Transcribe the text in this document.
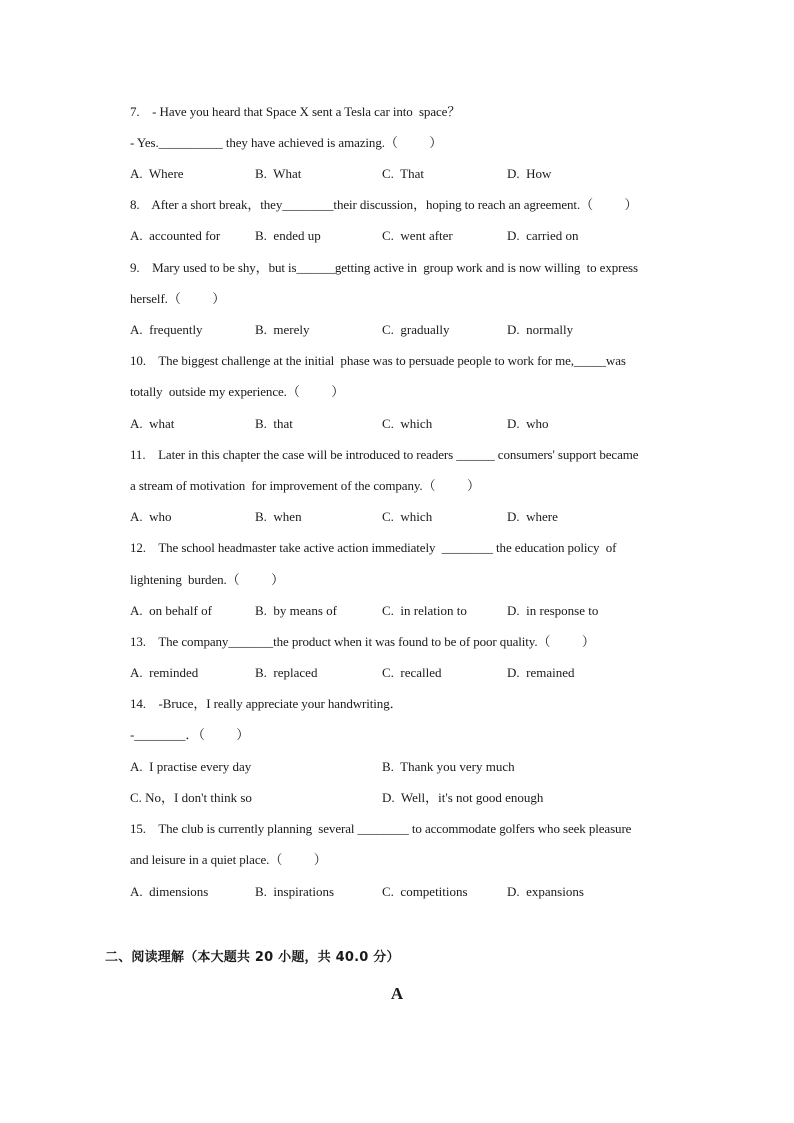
7.    - Have you heard that Space X sent a Tesla car into  space？
- Yes.__________ they have achieved is amazing.（          ）
A.  Where	B.  What	C.  That	D.  How
8.    After a short break，they________their discussion，hoping to reach an agreement.（          ）
A.  accounted for	B.  ended up	C.  went after	D.  carried on
9.    Mary used to be shy，but is______getting active in  group work and is now willing  to express
herself.（          ）
A.  frequently	B.  merely	C.  gradually	D.  normally
10.    The biggest challenge at the initial  phase was to persuade people to work for me,_____was
totally  outside my experience.（          ）
A.  what	B.  that	C.  which	D.  who
11.    Later in this chapter the case will be introduced to readers ______ consumers' support became
a stream of motivation  for improvement of the company.（          ）
A.  who	B.  when	C.  which	D.  where
12.    The school headmaster take active action immediately  ________ the education policy  of
lightening  burden.（          ）
A.  on behalf of	B.  by means of	C.  in relation to	D.  in response to
13.    The company_______the product when it was found to be of poor quality.（          ）
A.  reminded	B.  replaced	C.  recalled	D.  remained
14.    -Bruce，I really appreciate your handwriting．
-________．（          ）
A.  I practise every day	B.  Thank you very much
C. No，I don't think so	D.  Well，it's not good enough
15.    The club is currently planning  several ________ to accommodate golfers who seek pleasure
and leisure in a quiet place.（          ）
A.  dimensions	B.  inspirations	C.  competitions	D.  expansions
二、阅读理解（本大题共 20 小题，共 40.0 分）
A
